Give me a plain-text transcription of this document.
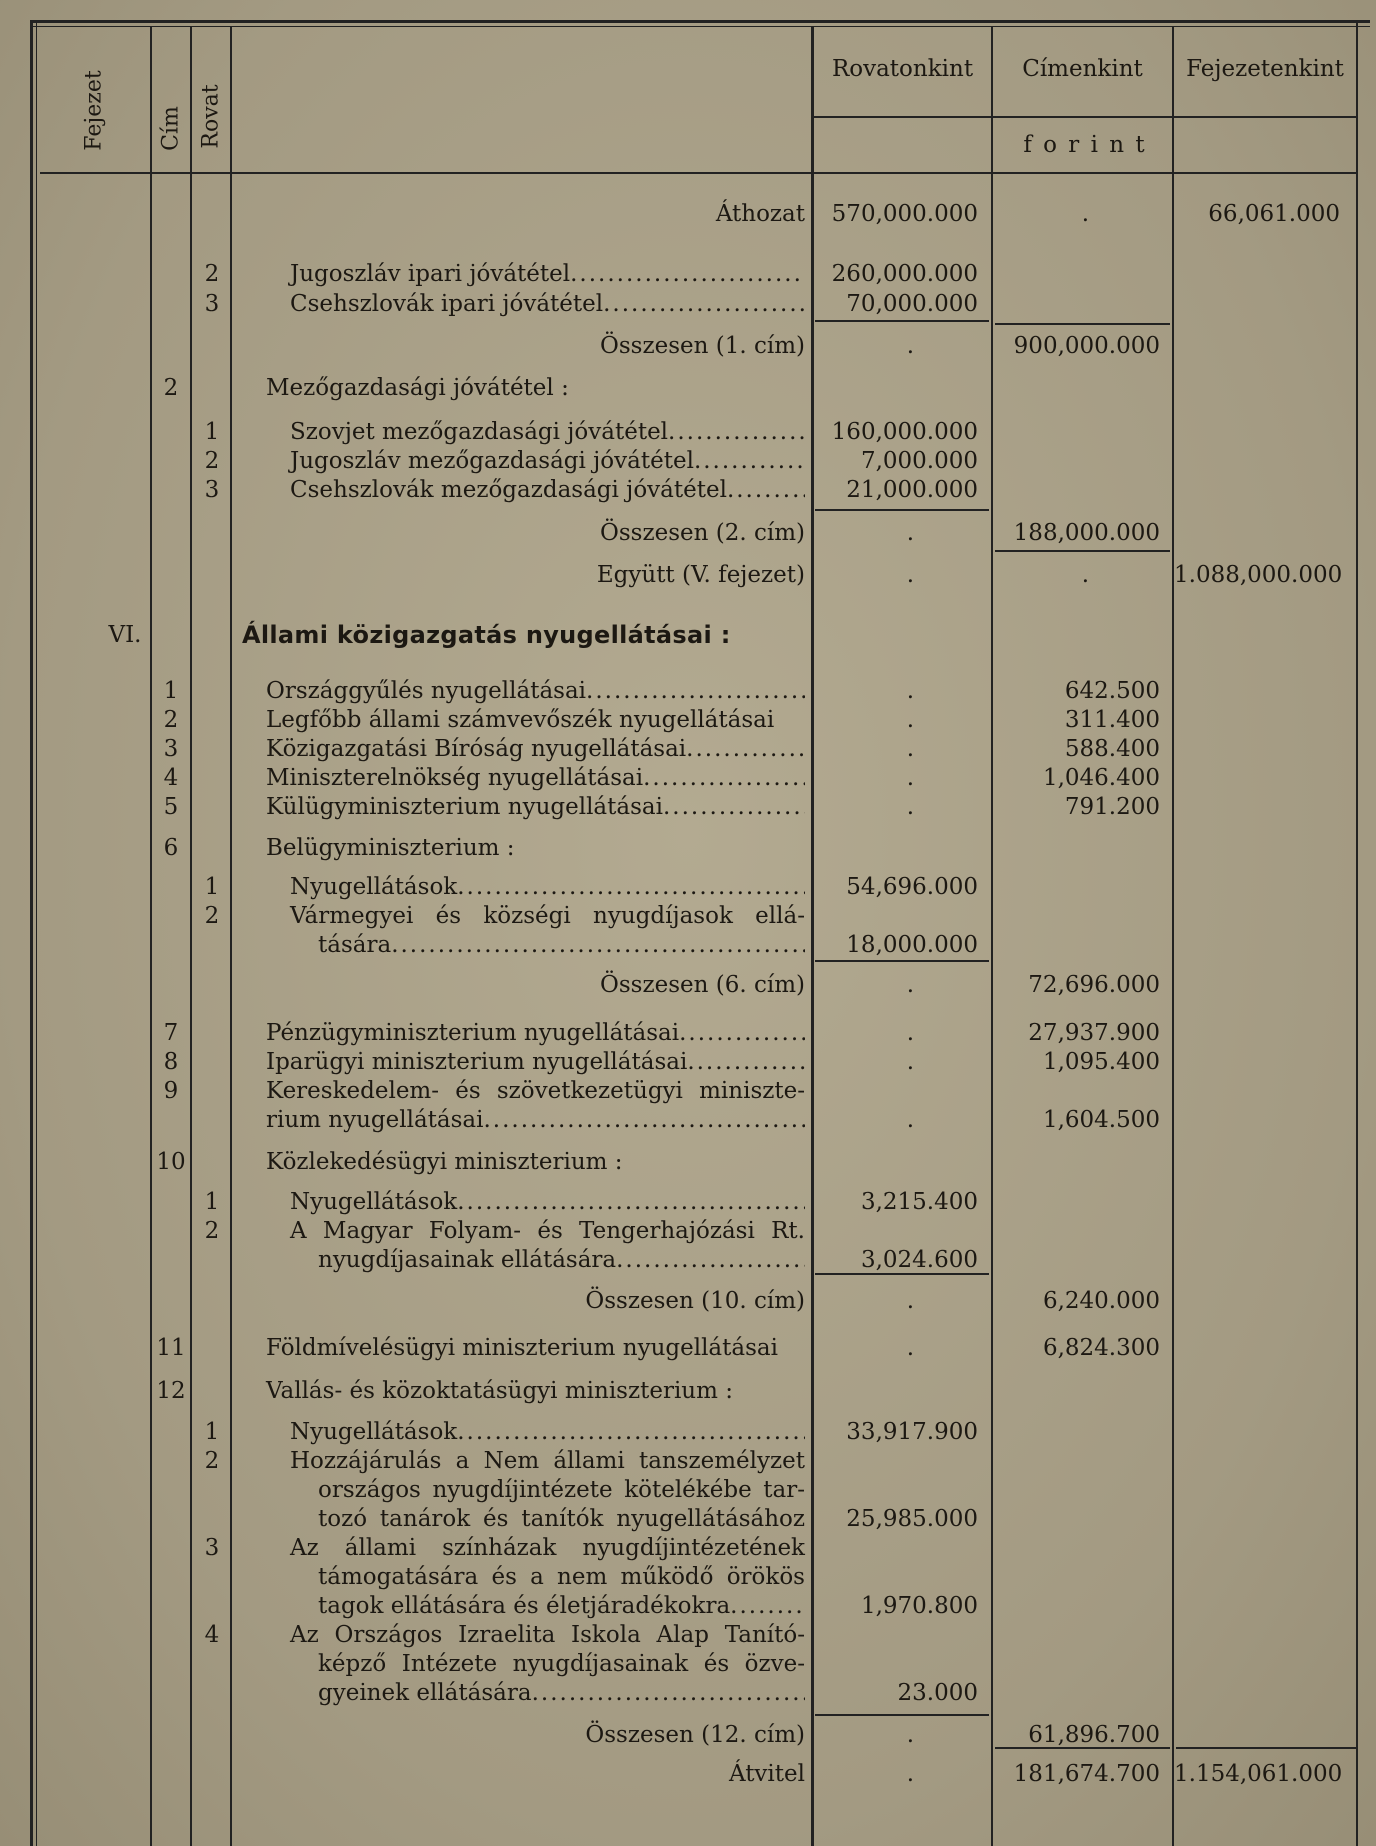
Fejezet Cím Rovat
Rovatonkint	Címenkint	Fejezetenkint
f o r i n t
Áthozat	570,000.000	.	66,061.000
2	Jugoszláv ipari jóvátétel .....	260,000.000
3	Csehszlovák ipari jóvátétel .....	70,000.000
Összesen (1. cím)	.	900,000.000
2	Mezőgazdasági jóvátétel :
1	Szovjet mezőgazdasági jóvátétel .....	160,000.000
2	Jugoszláv mezőgazdasági jóvátétel .....	7,000.000
3	Csehszlovák mezőgazdasági jóvátétel .....	21,000.000
Összesen (2. cím)	.	188,000.000
Együtt (V. fejezet)	.	.	1.088,000.000
VI.	Állami közigazgatás nyugellátásai :
1	Országgyűlés nyugellátásai .....	.	642.500
2	Legfőbb állami számvevőszék nyugellátásai	.	311.400
3	Közigazgatási Bíróság nyugellátásai .....	.	588.400
4	Miniszterelnökség nyugellátásai .....	.	1,046.400
5	Külügyminiszterium nyugellátásai .....	.	791.200
6	Belügyminiszterium :
1	Nyugellátások .....	54,696.000
2	Vármegyei és községi nyugdíjasok ellá-
tására .....	18,000.000
Összesen (6. cím)	.	72,696.000
7	Pénzügyminiszterium nyugellátásai .....	.	27,937.900
8	Iparügyi miniszterium nyugellátásai .....	.	1,095.400
9	Kereskedelem- és szövetkezetügyi miniszte-
rium nyugellátásai .....	.	1,604.500
10	Közlekedésügyi miniszterium :
1	Nyugellátások .....	3,215.400
2	A Magyar Folyam- és Tengerhajózási Rt.
nyugdíjasainak ellátására .....	3,024.600
Összesen (10. cím)	.	6,240.000
11	Földmívelésügyi miniszterium nyugellátásai	.	6,824.300
12	Vallás- és közoktatásügyi miniszterium :
1	Nyugellátások .....	33,917.900
2	Hozzájárulás a Nem állami tanszemélyzet
országos nyugdíjintézete kötelékébe tar-
tozó tanárok és tanítók nyugellátásához	25,985.000
3	Az állami színházak nyugdíjintézetének
támogatására és a nem működő örökös
tagok ellátására és életjáradékokra .....	1,970.800
4	Az Országos Izraelita Iskola Alap Tanító-
képző Intézete nyugdíjasainak és özve-
gyeinek ellátására .....	23.000
Összesen (12. cím)	.	61,896.700
Átvitel	.	181,674.700 1.154,061.000
